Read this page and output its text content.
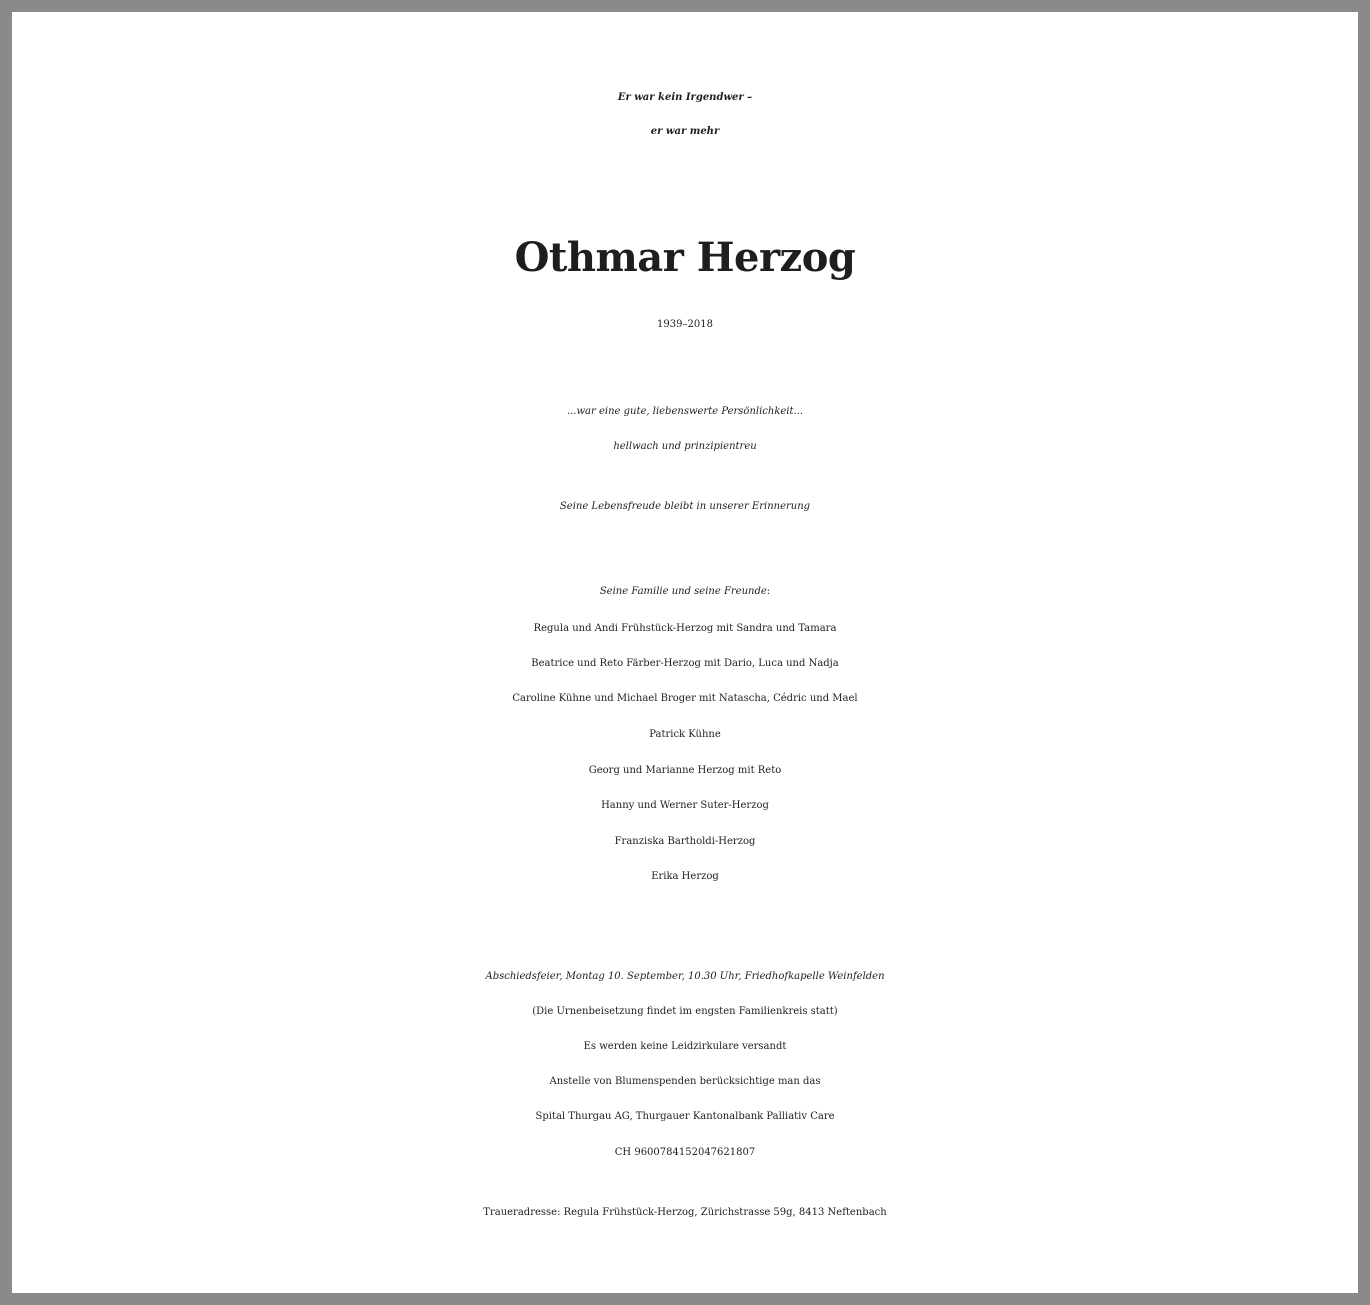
Er war kein Irgendwer –
er war mehr
Othmar Herzog
1939–2018
...war eine gute, liebenswerte Persönlichkeit...
hellwach und prinzipientreu
Seine Lebensfreude bleibt in unserer Erinnerung
Seine Familie und seine Freunde:
Regula und Andi Frühstück-Herzog mit Sandra und Tamara
Beatrice und Reto Färber-Herzog mit Dario, Luca und Nadja
Caroline Kühne und Michael Broger mit Natascha, Cédric und Mael
Patrick Kühne
Georg und Marianne Herzog mit Reto
Hanny und Werner Suter-Herzog
Franziska Bartholdi-Herzog
Erika Herzog
Abschiedsfeier, Montag 10. September, 10.30 Uhr, Friedhofkapelle Weinfelden
(Die Urnenbeisetzung findet im engsten Familienkreis statt)
Es werden keine Leidzirkulare versandt
Anstelle von Blumenspenden berücksichtige man das
Spital Thurgau AG, Thurgauer Kantonalbank Palliativ Care
CH 9600784152047621807
Traueradresse: Regula Frühstück-Herzog, Zürichstrasse 59g, 8413 Neftenbach
